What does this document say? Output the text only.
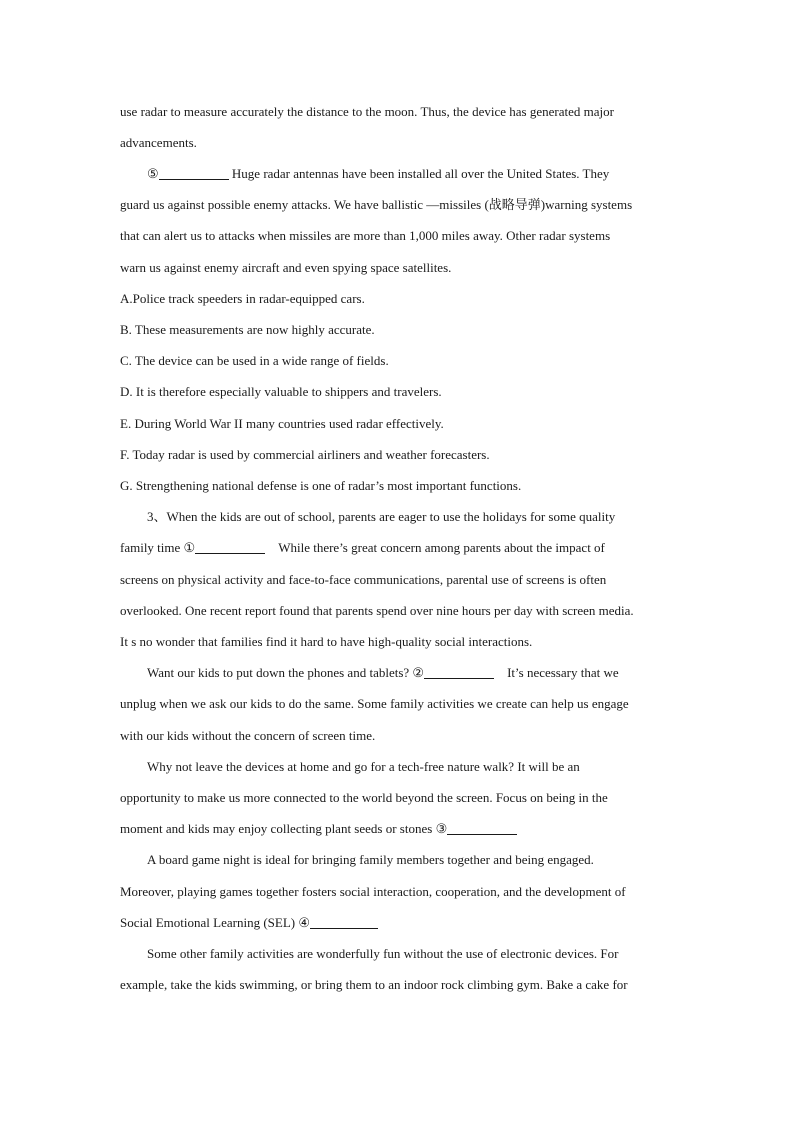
use radar to measure accurately the distance to the moon. Thus, the device has generated major
advancements.
⑤	Huge radar antennas have been installed all over the United States. They
guard us against possible enemy attacks. We have ballistic —missiles (战略导弹)warning systems
that can alert us to attacks when missiles are more than 1,000 miles away. Other radar systems
warn us against enemy aircraft and even spying space satellites.
A.Police track speeders in radar-equipped cars.
B. These measurements are now highly accurate.
C. The device can be used in a wide range of fields.
D. It is therefore especially valuable to shippers and travelers.
E. During World War II many countries used radar effectively.
F. Today radar is used by commercial airliners and weather forecasters.
G. Strengthening national defense is one of radar’s most important functions.
3、When the kids are out of school, parents are eager to use the holidays for some quality
family time ①	While there’s great concern among parents about the impact of
screens on physical activity and face-to-face communications, parental use of screens is often
overlooked. One recent report found that parents spend over nine hours per day with screen media.
It s no wonder that families find it hard to have high-quality social interactions.
Want our kids to put down the phones and tablets? ②	It’s necessary that we
unplug when we ask our kids to do the same. Some family activities we create can help us engage
with our kids without the concern of screen time.
Why not leave the devices at home and go for a tech-free nature walk? It will be an
opportunity to make us more connected to the world beyond the screen. Focus on being in the
moment and kids may enjoy collecting plant seeds or stones ③
A board game night is ideal for bringing family members together and being engaged.
Moreover, playing games together fosters social interaction, cooperation, and the development of
Social Emotional Learning (SEL) ④
Some other family activities are wonderfully fun without the use of electronic devices. For
example, take the kids swimming, or bring them to an indoor rock climbing gym. Bake a cake for
